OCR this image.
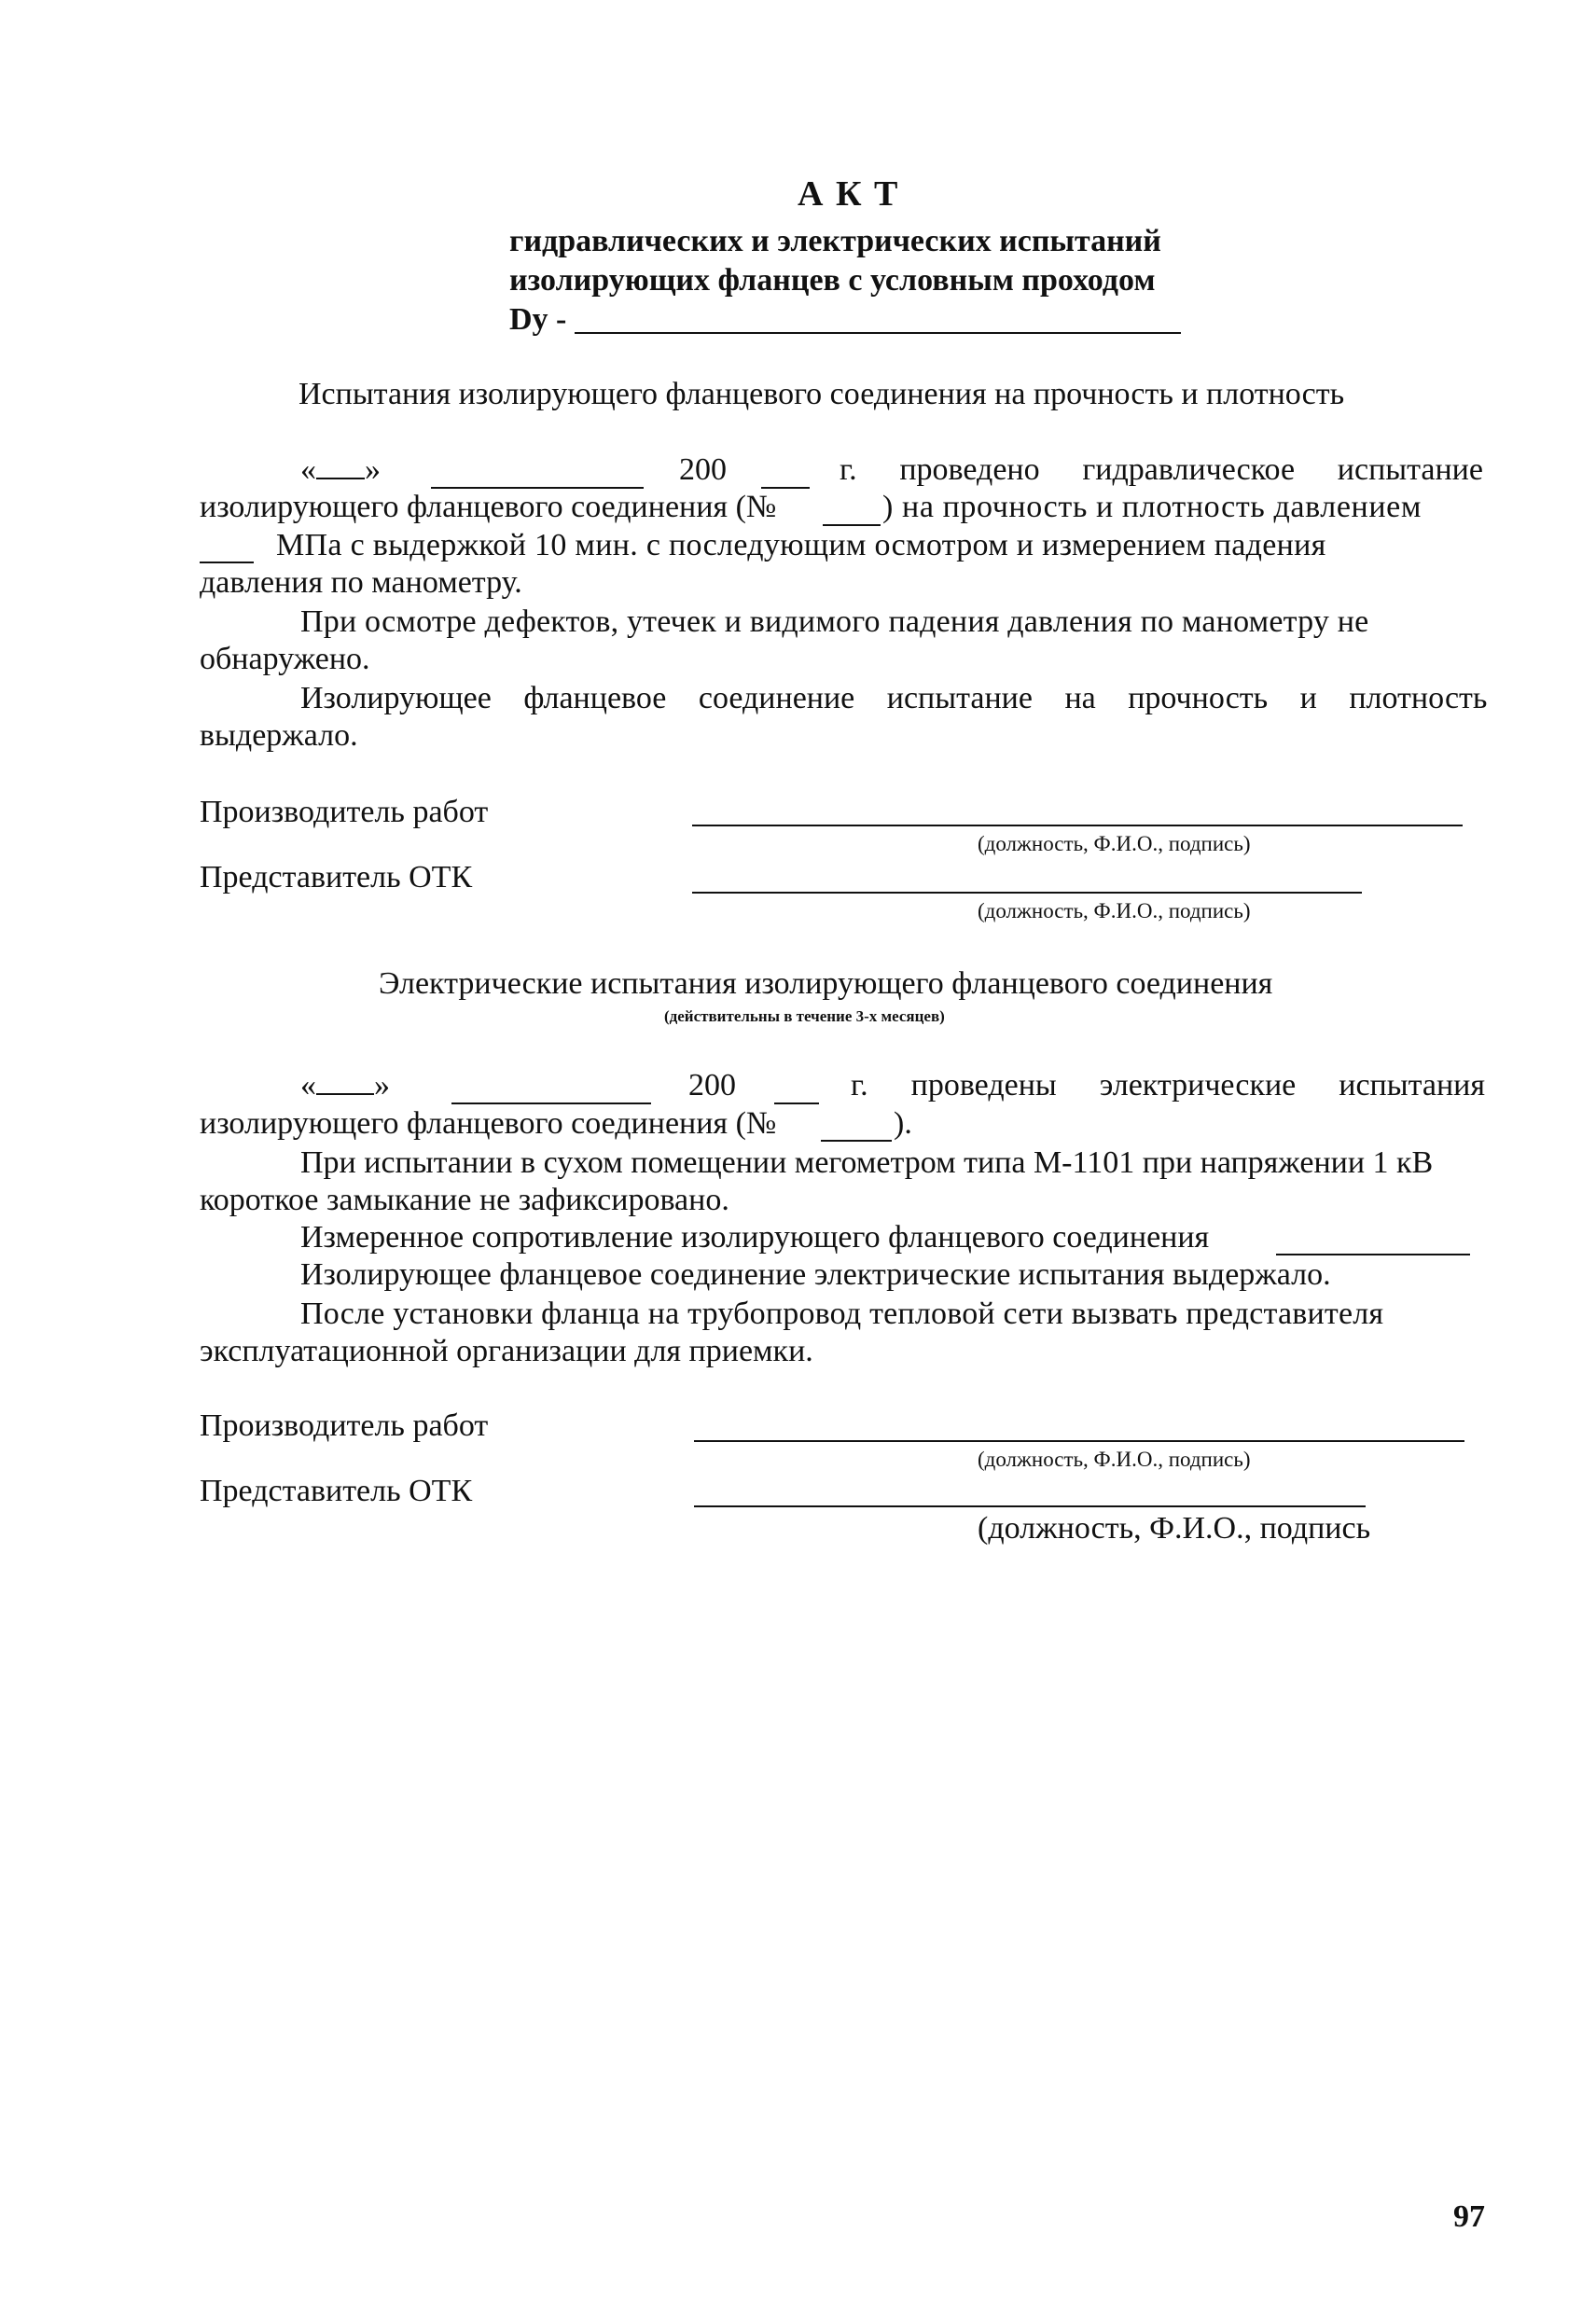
А К Т
гидравлических и электрических испытаний
изолирующих фланцев с условным проходом
Dy -
Испытания изолирующего фланцевого соединения на прочность и плотность
« »	200	г. проведено гидравлическое испытание
изолирующего фланцевого соединения (№	) на прочность и плотность давлением
МПа с выдержкой 10 мин. с последующим осмотром и измерением падения
давления по манометру.
При осмотре дефектов, утечек и видимого падения давления по манометру не
обнаружено.
Изолирующее фланцевое соединение испытание на прочность и плотность
выдержало.
Производитель работ
(должность, Ф.И.О., подпись)
Представитель ОТК
(должность, Ф.И.О., подпись)
Электрические испытания изолирующего фланцевого соединения
(действительны в течение 3-х месяцев)
« »	200	г. проведены электрические испытания
изолирующего фланцевого соединения (№	).
При испытании в сухом помещении мегометром типа М-1101 при напряжении 1 кВ
короткое замыкание не зафиксировано.
Измеренное сопротивление изолирующего фланцевого соединения
Изолирующее фланцевое соединение электрические испытания выдержало.
После установки фланца на трубопровод тепловой сети вызвать представителя
эксплуатационной организации для приемки.
Производитель работ
(должность, Ф.И.О., подпись)
Представитель ОТК
(должность, Ф.И.О., подпись
97
